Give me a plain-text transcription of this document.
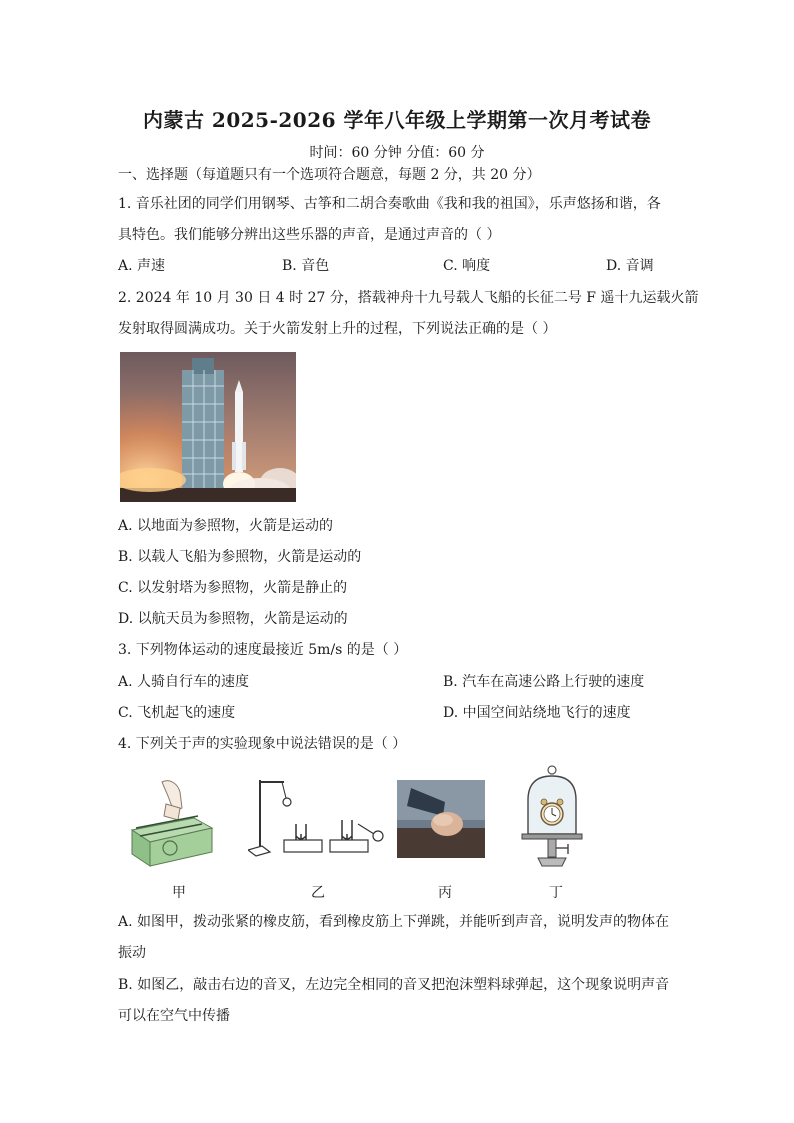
内蒙古 2025-2026 学年八年级上学期第一次月考试卷
时间：60 分钟 分值：60 分
一、选择题（每道题只有一个选项符合题意，每题 2 分，共 20 分）
1. 音乐社团的同学们用钢琴、古筝和二胡合奏歌曲《我和我的祖国》，乐声悠扬和谐，各
具特色。我们能够分辨出这些乐器的声音，是通过声音的（ ）
A. 声速	B. 音色	C. 响度	D. 音调
2. 2024 年 10 月 30 日 4 时 27 分，搭载神舟十九号载人飞船的长征二号 F 遥十九运载火箭
发射取得圆满成功。关于火箭发射上升的过程，下列说法正确的是（ ）
A. 以地面为参照物，火箭是运动的
B. 以载人飞船为参照物，火箭是运动的
C. 以发射塔为参照物，火箭是静止的
D. 以航天员为参照物，火箭是运动的
3. 下列物体运动的速度最接近 5m/s 的是（ ）
A. 人骑自行车的速度	B. 汽车在高速公路上行驶的速度
C. 飞机起飞的速度	D. 中国空间站绕地飞行的速度
4. 下列关于声的实验现象中说法错误的是（ ）
甲	乙	丙	丁
A. 如图甲，拨动张紧的橡皮筋，看到橡皮筋上下弹跳，并能听到声音，说明发声的物体在
振动
B. 如图乙，敲击右边的音叉，左边完全相同的音叉把泡沫塑料球弹起，这个现象说明声音
可以在空气中传播
